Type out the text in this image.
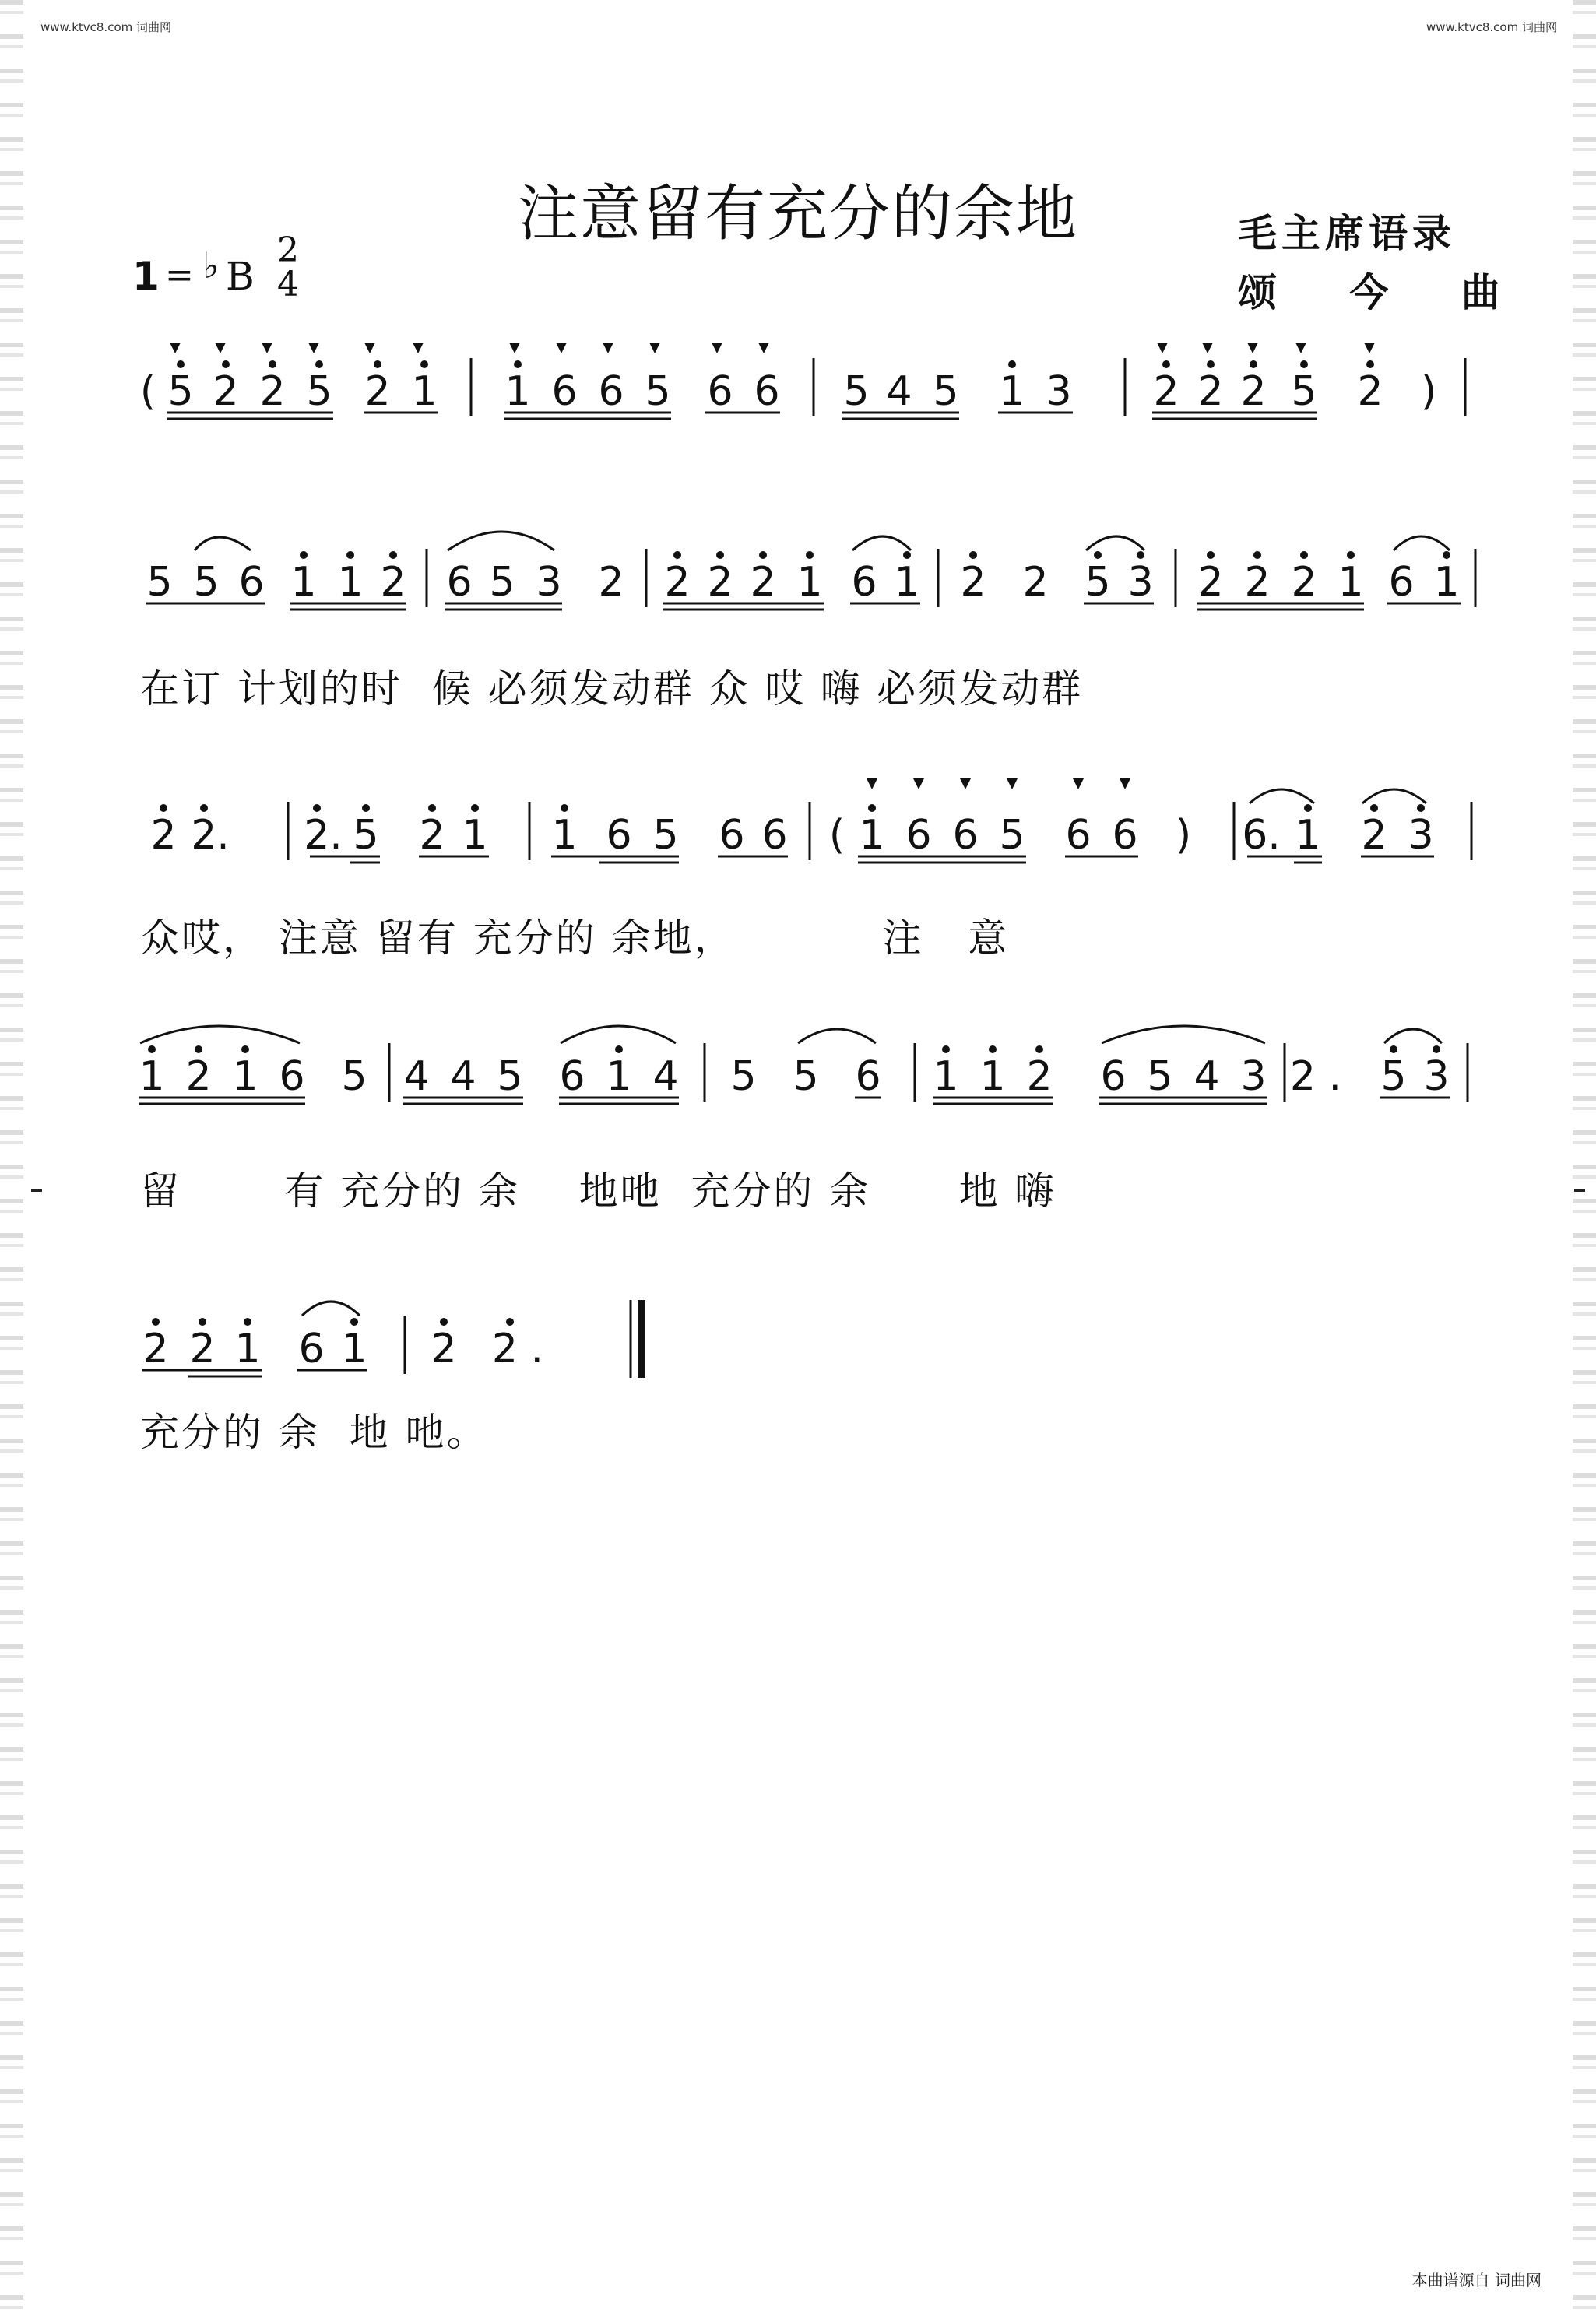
www.ktvc8.com 词曲网	www.ktvc8.com 词曲网
注意留有充分的余地	毛主席语录
颂 今 曲
1 = ♭ B
2
4
( 5 2 2 5 2 1 1 6 6 5 6 6 5 4 5 1 3 2 2 2 5 2 )
5 5 6 1 1 2 6 5 3 2 2 2 2 1 6 1 2 2 5 3 2 2 2 1 6 1
在订 计划的时  候 必须发动群 众 哎 嗨 必须发动群
2 2. 2. 5 2 1 1 6 5 6 6 ( 1 6 6 5 6 6 ) 6. 1 2 3
众哎， 注意 留有 充分的 余地，          注   意
1 2 1 6 5 4 4 5 6 1 4 5 5 6 1 1 2 6 5 4 3 2 . 5 3
留       有 充分的 余    地吔  充分的 余      地 嗨
2 2 1 6 1 2 2 .
充分的 余  地 吔。
本曲谱源自 词曲网
